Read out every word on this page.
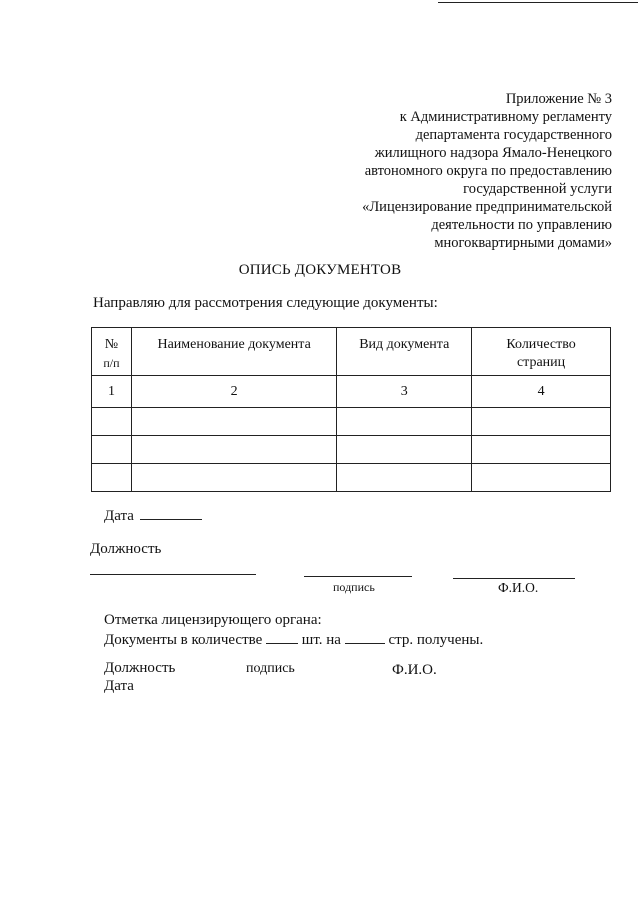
Приложение № 3
к Административному регламенту
департамента государственного
жилищного надзора Ямало-Ненецкого
автономного округа по предоставлению
государственной услуги
«Лицензирование предпринимательской
деятельности по управлению
многоквартирными домами»
ОПИСЬ ДОКУМЕНТОВ
Направляю для рассмотрения следующие документы:
№
п/п	Наименование документа	Вид документа	Количество
страниц
1	2	3	4

Дата
Должность
подпись	Ф.И.О.
Отметка лицензирующего органа:
Документы в количестве	шт. на	стр. получены.
Должность	подпись	Ф.И.О.
Дата
